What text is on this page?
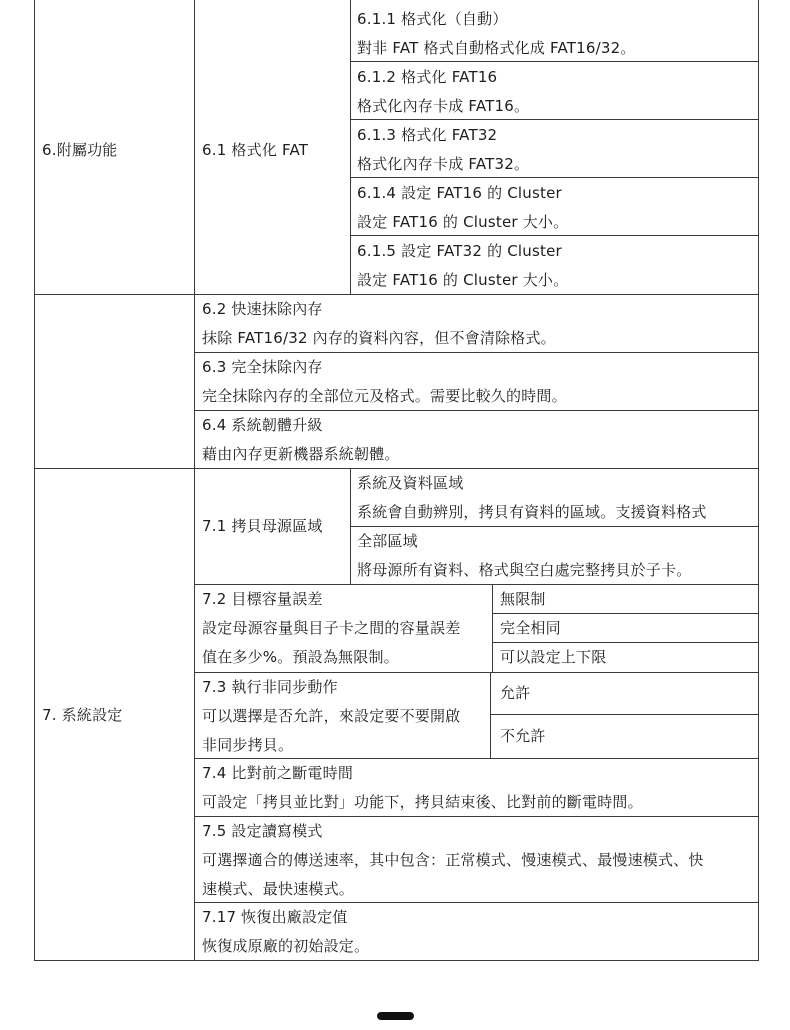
6.附屬功能	6.1 格式化 FAT
6.1.1 格式化（自動）
對非 FAT 格式自動格式化成 FAT16/32。
6.1.2 格式化 FAT16
格式化內存卡成 FAT16。
6.1.3 格式化 FAT32
格式化內存卡成 FAT32。
6.1.4 設定 FAT16 的 Cluster
設定 FAT16 的 Cluster 大小。
6.1.5 設定 FAT32 的 Cluster
設定 FAT16 的 Cluster 大小。
6.2 快速抹除內存
抹除 FAT16/32 內存的資料內容，但不會清除格式。
6.3 完全抹除內存
完全抹除內存的全部位元及格式。需要比較久的時間。
6.4 系統韌體升級
藉由內存更新機器系統韌體。
7. 系統設定
7.1 拷貝母源區域
系統及資料區域
系統會自動辨別，拷貝有資料的區域。支援資料格式
全部區域
將母源所有資料、格式與空白處完整拷貝於子卡。
7.2 目標容量誤差
設定母源容量與目子卡之間的容量誤差
值在多少%。預設為無限制。
無限制
完全相同
可以設定上下限
7.3 執行非同步動作
可以選擇是否允許，來設定要不要開啟
非同步拷貝。
允許
不允許
7.4 比對前之斷電時間
可設定「拷貝並比對」功能下，拷貝結束後、比對前的斷電時間。
7.5 設定讀寫模式
可選擇適合的傳送速率，其中包含：正常模式、慢速模式、最慢速模式、快
速模式、最快速模式。
7.17 恢復出廠設定值
恢復成原廠的初始設定。
